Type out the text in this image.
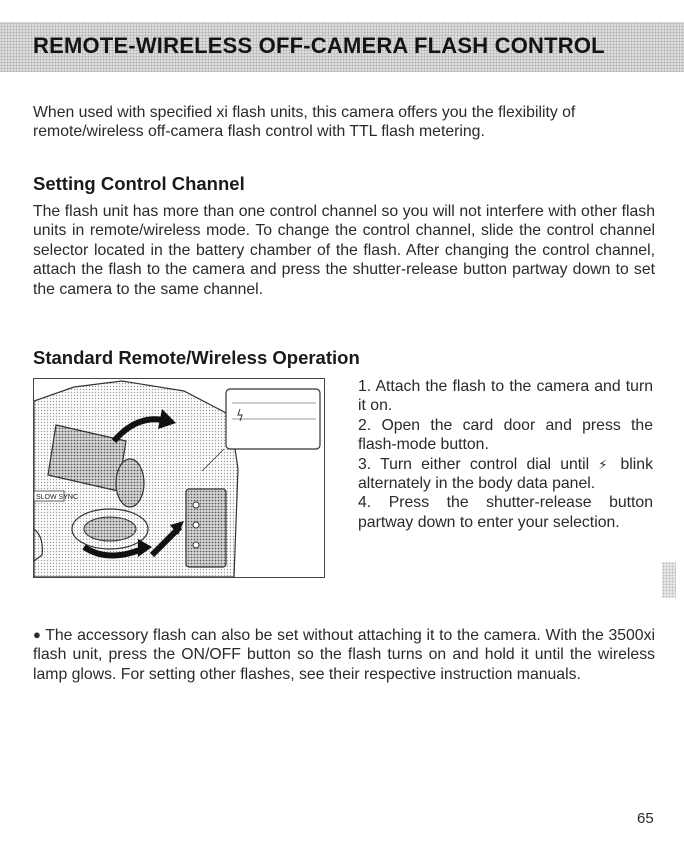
REMOTE-WIRELESS OFF-CAMERA FLASH CONTROL

When used with specified xi flash units, this camera offers you the flexibility of remote/wireless off-camera flash control with TTL flash metering.

Setting Control Channel

The flash unit has more than one control channel so you will not interfere with other flash units in remote/wireless mode. To change the control channel, slide the control channel selector located in the battery chamber of the flash. After changing the control channel, attach the flash to the camera and press the shutter-release button partway down to set the camera to the same channel.

Standard Remote/Wireless Operation
SLOW SYNC

1. Attach the flash to the camera and turn it on.

2. Open the card door and press the flash-mode button.

3. Turn either control dial until ⚡ blink alternately in the body data panel.

4. Press the shutter-release button partway down to enter your selection.

● The accessory flash can also be set without attaching it to the camera. With the 3500xi flash unit, press the ON/OFF button so the flash turns on and hold it until the wireless lamp glows. For setting other flashes, see their respective instruction manuals.

65
